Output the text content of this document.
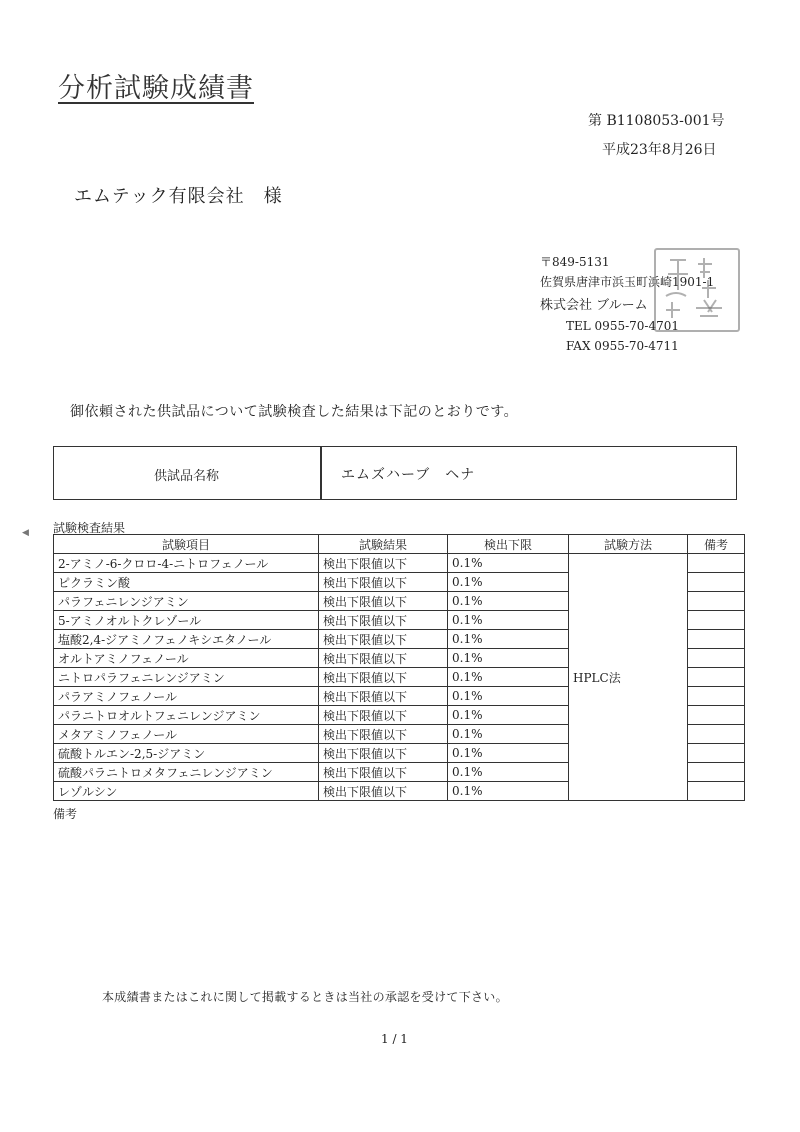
分析試験成績書
第 B1108053-001号
平成23年8月26日
エムテック有限会社　様
〒849-5131
佐賀県唐津市浜玉町浜崎1901-1
株式会社 ブルーム
TEL 0955-70-4701
FAX 0955-70-4711
御依頼された供試品について試験検査した結果は下記のとおりです。
供試品名称	エムズハーブ　ヘナ
◀ 試験検査結果
試験項目	試験結果	検出下限	試験方法	備考
2-アミノ-6-クロロ-4-ニトロフェノール	検出下限値以下	0.1%	HPLC法	
ピクラミン酸	検出下限値以下	0.1%		
パラフェニレンジアミン	検出下限値以下	0.1%		
5-アミノオルトクレゾール	検出下限値以下	0.1%		
塩酸2,4-ジアミノフェノキシエタノール	検出下限値以下	0.1%		
オルトアミノフェノール	検出下限値以下	0.1%		
ニトロパラフェニレンジアミン	検出下限値以下	0.1%		
パラアミノフェノール	検出下限値以下	0.1%		
パラニトロオルトフェニレンジアミン	検出下限値以下	0.1%		
メタアミノフェノール	検出下限値以下	0.1%		
硫酸トルエン-2,5-ジアミン	検出下限値以下	0.1%		
硫酸パラニトロメタフェニレンジアミン	検出下限値以下	0.1%		
レゾルシン	検出下限値以下	0.1%		
備考
本成績書またはこれに関して掲載するときは当社の承認を受けて下さい。
1 / 1
